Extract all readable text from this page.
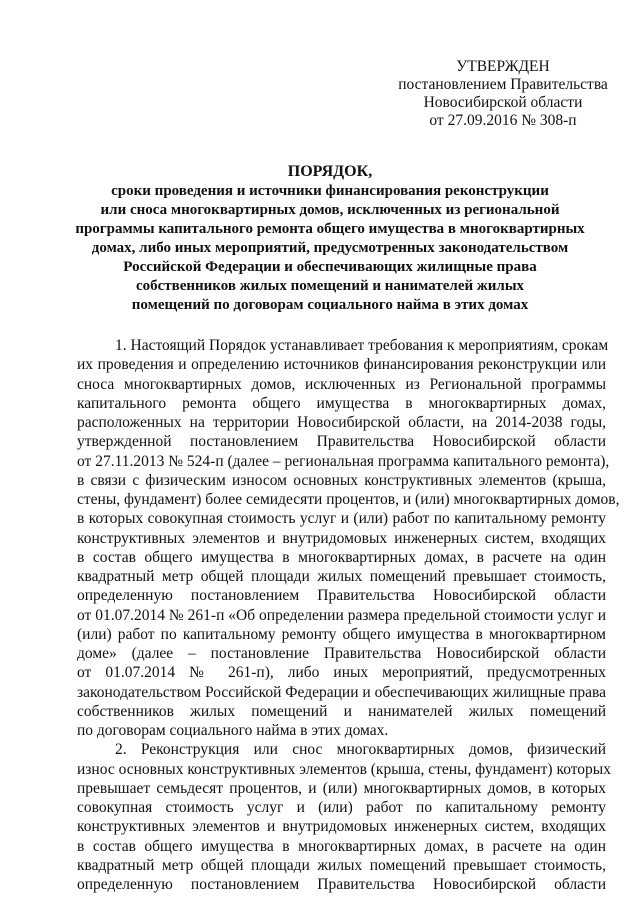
УТВЕРЖДЕН
постановлением Правительства
Новосибирской области
от 27.09.2016 № 308-п
ПОРЯДОК,
сроки проведения и источники финансирования реконструкции
или сноса многоквартирных домов, исключенных из региональной
программы капитального ремонта общего имущества в многоквартирных
домах, либо иных мероприятий, предусмотренных законодательством
Российской Федерации и обеспечивающих жилищные права
собственников жилых помещений и нанимателей жилых
помещений по договорам социального найма в этих домах
1. Настоящий Порядок устанавливает требования к мероприятиям, срокам
их проведения и определению источников финансирования реконструкции или
сноса многоквартирных домов, исключенных из Региональной программы
капитального ремонта общего имущества в многоквартирных домах,
расположенных на территории Новосибирской области, на 2014-2038 годы,
утвержденной постановлением Правительства Новосибирской области
от 27.11.2013 № 524-п (далее – региональная программа капитального ремонта),
в связи с физическим износом основных конструктивных элементов (крыша,
стены, фундамент) более семидесяти процентов, и (или) многоквартирных домов,
в которых совокупная стоимость услуг и (или) работ по капитальному ремонту
конструктивных элементов и внутридомовых инженерных систем, входящих
в состав общего имущества в многоквартирных домах, в расчете на один
квадратный метр общей площади жилых помещений превышает стоимость,
определенную постановлением Правительства Новосибирской области
от 01.07.2014 № 261-п «Об определении размера предельной стоимости услуг и
(или) работ по капитальному ремонту общего имущества в многоквартирном
доме» (далее – постановление Правительства Новосибирской области
от 01.07.2014 № 261-п), либо иных мероприятий, предусмотренных
законодательством Российской Федерации и обеспечивающих жилищные права
собственников жилых помещений и нанимателей жилых помещений
по договорам социального найма в этих домах.
2. Реконструкция или снос многоквартирных домов, физический
износ основных конструктивных элементов (крыша, стены, фундамент) которых
превышает семьдесят процентов, и (или) многоквартирных домов, в которых
совокупная стоимость услуг и (или) работ по капитальному ремонту
конструктивных элементов и внутридомовых инженерных систем, входящих
в состав общего имущества в многоквартирных домах, в расчете на один
квадратный метр общей площади жилых помещений превышает стоимость,
определенную постановлением Правительства Новосибирской области
